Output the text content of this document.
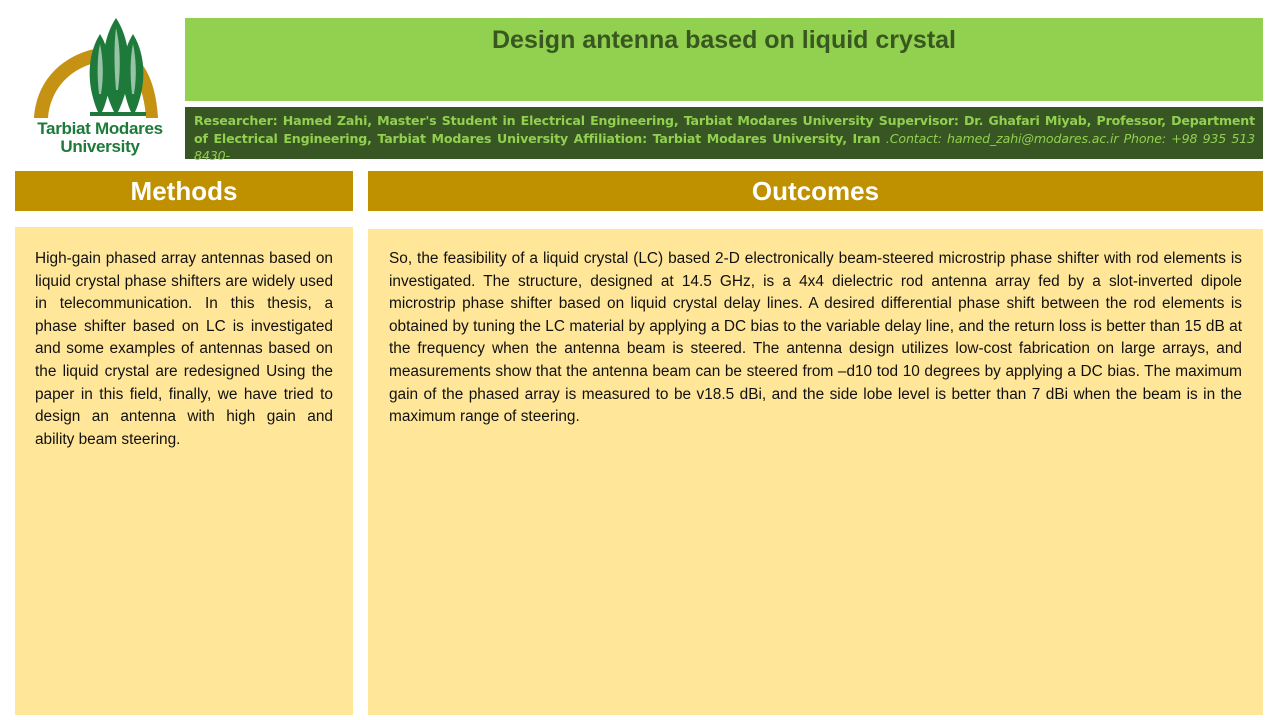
Tarbiat Modares
University
Design antenna based on liquid crystal
Researcher: Hamed Zahi, Master's Student in Electrical Engineering, Tarbiat Modares University Supervisor: Dr. Ghafari Miyab, Professor, Department of Electrical Engineering, Tarbiat Modares University Affiliation: Tarbiat Modares University, Iran .Contact: hamed_zahi@modares.ac.ir Phone: +98 935 513 8430-
Methods	Outcomes
High-gain phased array antennas based on liquid crystal phase shifters are widely used in telecommunication. In this thesis, a phase shifter based on LC is investigated and some examples of antennas based on the liquid crystal are redesigned Using the paper in this field, finally, we have tried to design an antenna with high gain and ability beam steering.
So, the feasibility of a liquid crystal (LC) based 2-D electronically beam-steered microstrip phase shifter with rod elements is investigated. The structure, designed at 14.5 GHz, is a 4x4 dielectric rod antenna array fed by a slot-inverted dipole microstrip phase shifter based on liquid crystal delay lines. A desired differential phase shift between the rod elements is obtained by tuning the LC material by applying a DC bias to the variable delay line, and the return loss is better than 15 dB at the frequency when the antenna beam is steered. The antenna design utilizes low-cost fabrication on large arrays, and measurements show that the antenna beam can be steered from –d10 tod 10 degrees by applying a DC bias. The maximum gain of the phased array is measured to be v18.5 dBi, and the side lobe level is better than 7 dBi when the beam is in the maximum range of steering.
